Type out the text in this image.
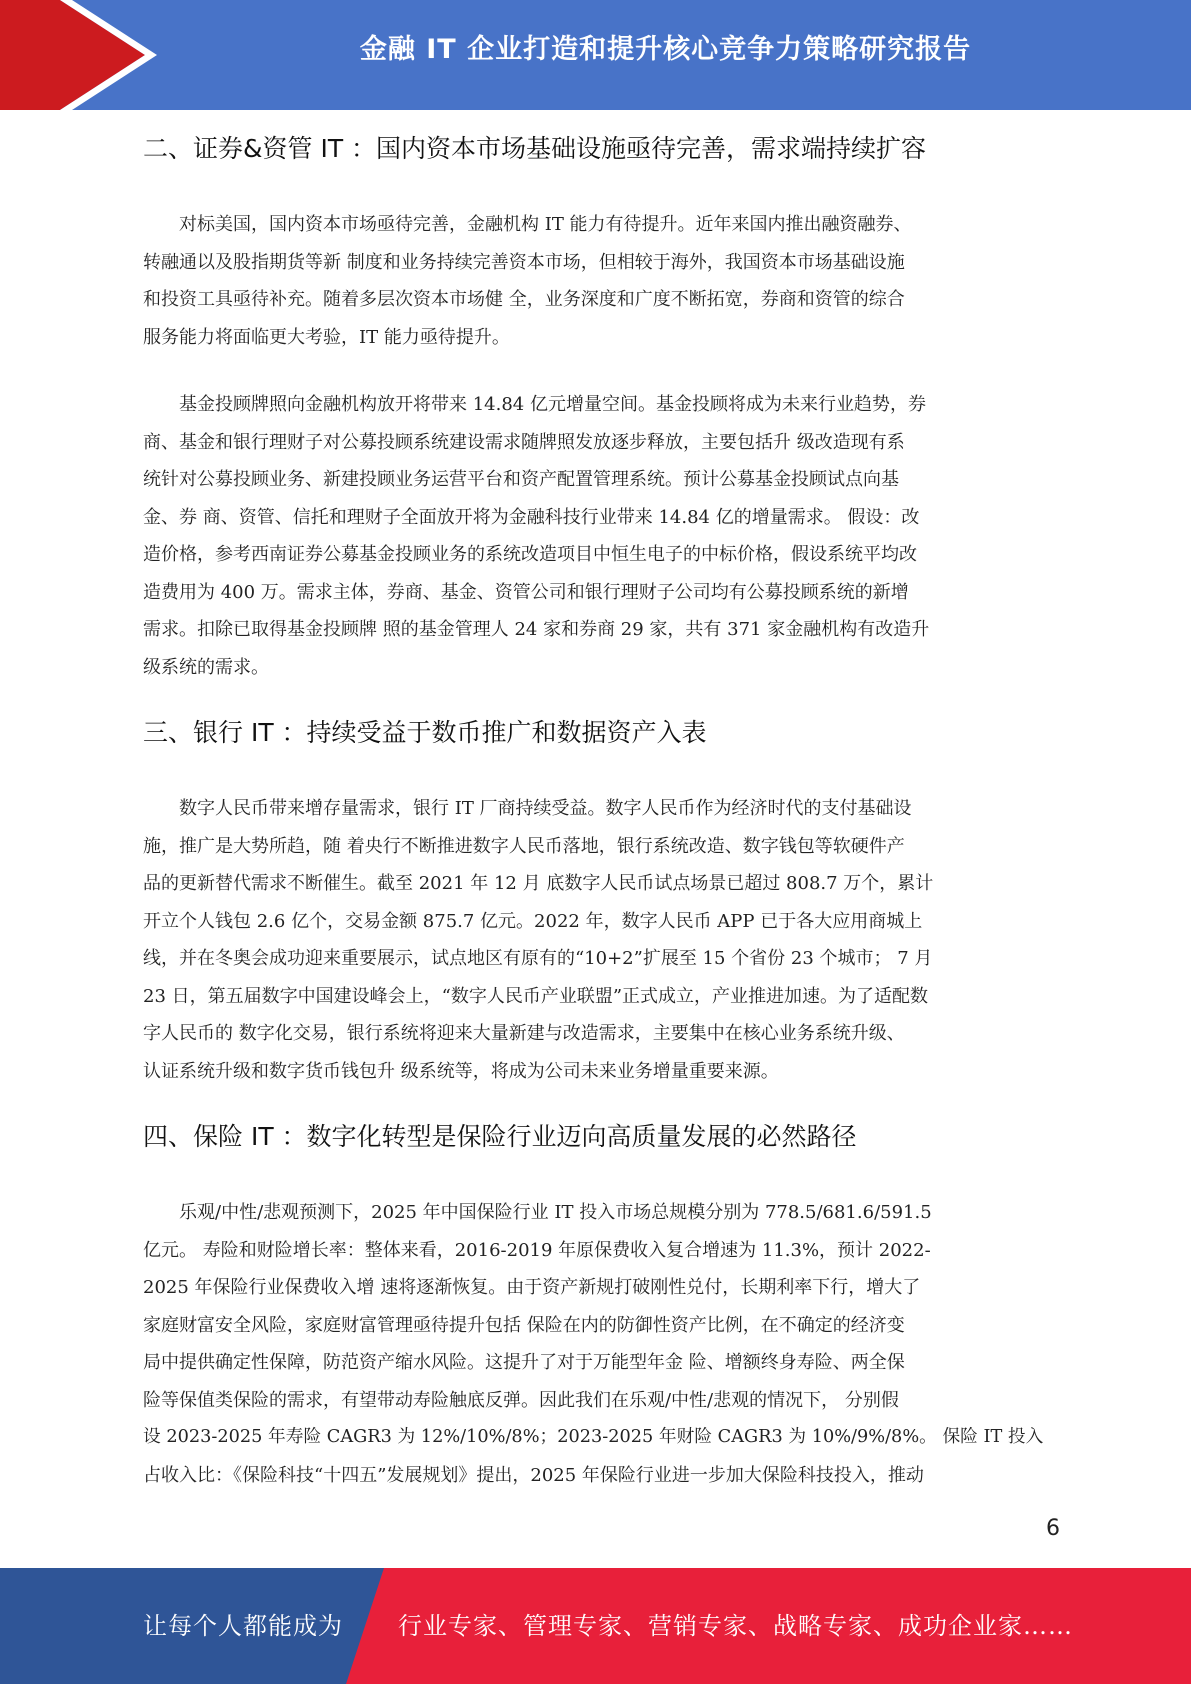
金融 IT 企业打造和提升核心竞争力策略研究报告
二、证券&资管 IT ：国内资本市场基础设施亟待完善，需求端持续扩容

对标美国，国内资本市场亟待完善，金融机构 IT 能力有待提升。近年来国内推出融资融券、

转融通以及股指期货等新 制度和业务持续完善资本市场，但相较于海外，我国资本市场基础设施

和投资工具亟待补充。随着多层次资本市场健 全，业务深度和广度不断拓宽，券商和资管的综合

服务能力将面临更大考验，IT 能力亟待提升。

基金投顾牌照向金融机构放开将带来 14.84 亿元增量空间。基金投顾将成为未来行业趋势，券

商、基金和银行理财子对公募投顾系统建设需求随牌照发放逐步释放，主要包括升 级改造现有系

统针对公募投顾业务、新建投顾业务运营平台和资产配置管理系统。预计公募基金投顾试点向基

金、券 商、资管、信托和理财子全面放开将为金融科技行业带来 14.84 亿的增量需求。 假设：改

造价格，参考西南证券公募基金投顾业务的系统改造项目中恒生电子的中标价格，假设系统平均改

造费用为 400 万。需求主体，券商、基金、资管公司和银行理财子公司均有公募投顾系统的新增

需求。扣除已取得基金投顾牌 照的基金管理人 24 家和券商 29 家，共有 371 家金融机构有改造升

级系统的需求。

三、银行 IT ：持续受益于数币推广和数据资产入表

数字人民币带来增存量需求，银行 IT 厂商持续受益。数字人民币作为经济时代的支付基础设

施，推广是大势所趋，随 着央行不断推进数字人民币落地，银行系统改造、数字钱包等软硬件产

品的更新替代需求不断催生。截至 2021 年 12 月 底数字人民币试点场景已超过 808.7 万个，累计

开立个人钱包 2.6 亿个，交易金额 875.7 亿元。2022 年，数字人民币 APP 已于各大应用商城上

线，并在冬奥会成功迎来重要展示，试点地区有原有的“10+2”扩展至 15 个省份 23 个城市； 7 月

23 日，第五届数字中国建设峰会上，“数字人民币产业联盟”正式成立，产业推进加速。为了适配数

字人民币的 数字化交易，银行系统将迎来大量新建与改造需求，主要集中在核心业务系统升级、

认证系统升级和数字货币钱包升 级系统等，将成为公司未来业务增量重要来源。

四、保险 IT ：数字化转型是保险行业迈向高质量发展的必然路径

乐观/中性/悲观预测下，2025 年中国保险行业 IT 投入市场总规模分别为 778.5/681.6/591.5

亿元。 寿险和财险增长率：整体来看，2016-2019 年原保费收入复合增速为 11.3%，预计 2022-

2025 年保险行业保费收入增 速将逐渐恢复。由于资产新规打破刚性兑付，长期利率下行，增大了

家庭财富安全风险，家庭财富管理亟待提升包括 保险在内的防御性资产比例，在不确定的经济变

局中提供确定性保障，防范资产缩水风险。这提升了对于万能型年金 险、增额终身寿险、两全保

险等保值类保险的需求，有望带动寿险触底反弹。因此我们在乐观/中性/悲观的情况下， 分别假

设 2023-2025 年寿险 CAGR3 为 12%/10%/8%；2023-2025 年财险 CAGR3 为 10%/9%/8%。 保险 IT 投入

占收入比：《保险科技“十四五”发展规划》提出，2025 年保险行业进一步加大保险科技投入，推动

6
让每个人都能成为 行业专家、管理专家、营销专家、战略专家、成功企业家……
